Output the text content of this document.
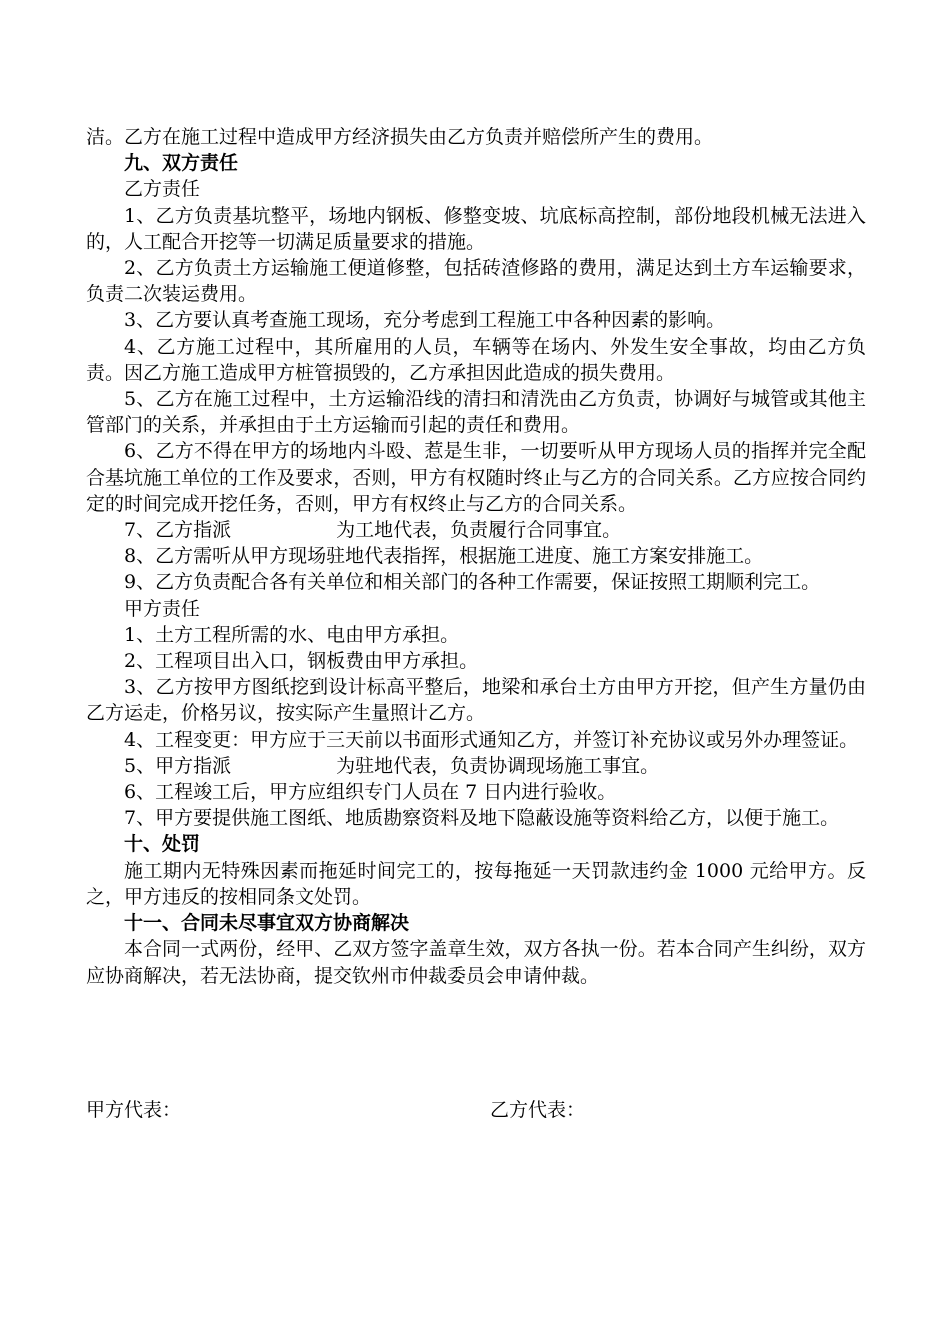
洁。乙方在施工过程中造成甲方经济损失由乙方负责并赔偿所产生的费用。

九、双方责任

乙方责任

1、乙方负责基坑整平，场地内钢板、修整变坡、坑底标高控制，部份地段机械无法进入的，人工配合开挖等一切满足质量要求的措施。

2、乙方负责土方运输施工便道修整，包括砖渣修路的费用，满足达到土方车运输要求，负责二次装运费用。

3、乙方要认真考查施工现场，充分考虑到工程施工中各种因素的影响。

4、乙方施工过程中，其所雇用的人员，车辆等在场内、外发生安全事故，均由乙方负责。因乙方施工造成甲方桩管损毁的，乙方承担因此造成的损失费用。

5、乙方在施工过程中，土方运输沿线的清扫和清洗由乙方负责，协调好与城管或其他主管部门的关系，并承担由于土方运输而引起的责任和费用。

6、乙方不得在甲方的场地内斗殴、惹是生非，一切要听从甲方现场人员的指挥并完全配合基坑施工单位的工作及要求，否则，甲方有权随时终止与乙方的合同关系。乙方应按合同约定的时间完成开挖任务，否则，甲方有权终止与乙方的合同关系。

7、乙方指派	为工地代表，负责履行合同事宜。

8、乙方需听从甲方现场驻地代表指挥，根据施工进度、施工方案安排施工。

9、乙方负责配合各有关单位和相关部门的各种工作需要，保证按照工期顺利完工。

甲方责任

1、土方工程所需的水、电由甲方承担。

2、工程项目出入口，钢板费由甲方承担。

3、乙方按甲方图纸挖到设计标高平整后，地梁和承台土方由甲方开挖，但产生方量仍由乙方运走，价格另议，按实际产生量照计乙方。

4、工程变更：甲方应于三天前以书面形式通知乙方，并签订补充协议或另外办理签证。

5、甲方指派	为驻地代表，负责协调现场施工事宜。

6、工程竣工后，甲方应组织专门人员在 7 日内进行验收。

7、甲方要提供施工图纸、地质勘察资料及地下隐蔽设施等资料给乙方，以便于施工。

十、处罚

施工期内无特殊因素而拖延时间完工的，按每拖延一天罚款违约金 1000 元给甲方。反之，甲方违反的按相同条文处罚。

十一、合同未尽事宜双方协商解决

本合同一式两份，经甲、乙双方签字盖章生效，双方各执一份。若本合同产生纠纷，双方应协商解决，若无法协商，提交钦州市仲裁委员会申请仲裁。

甲方代表：	乙方代表：
